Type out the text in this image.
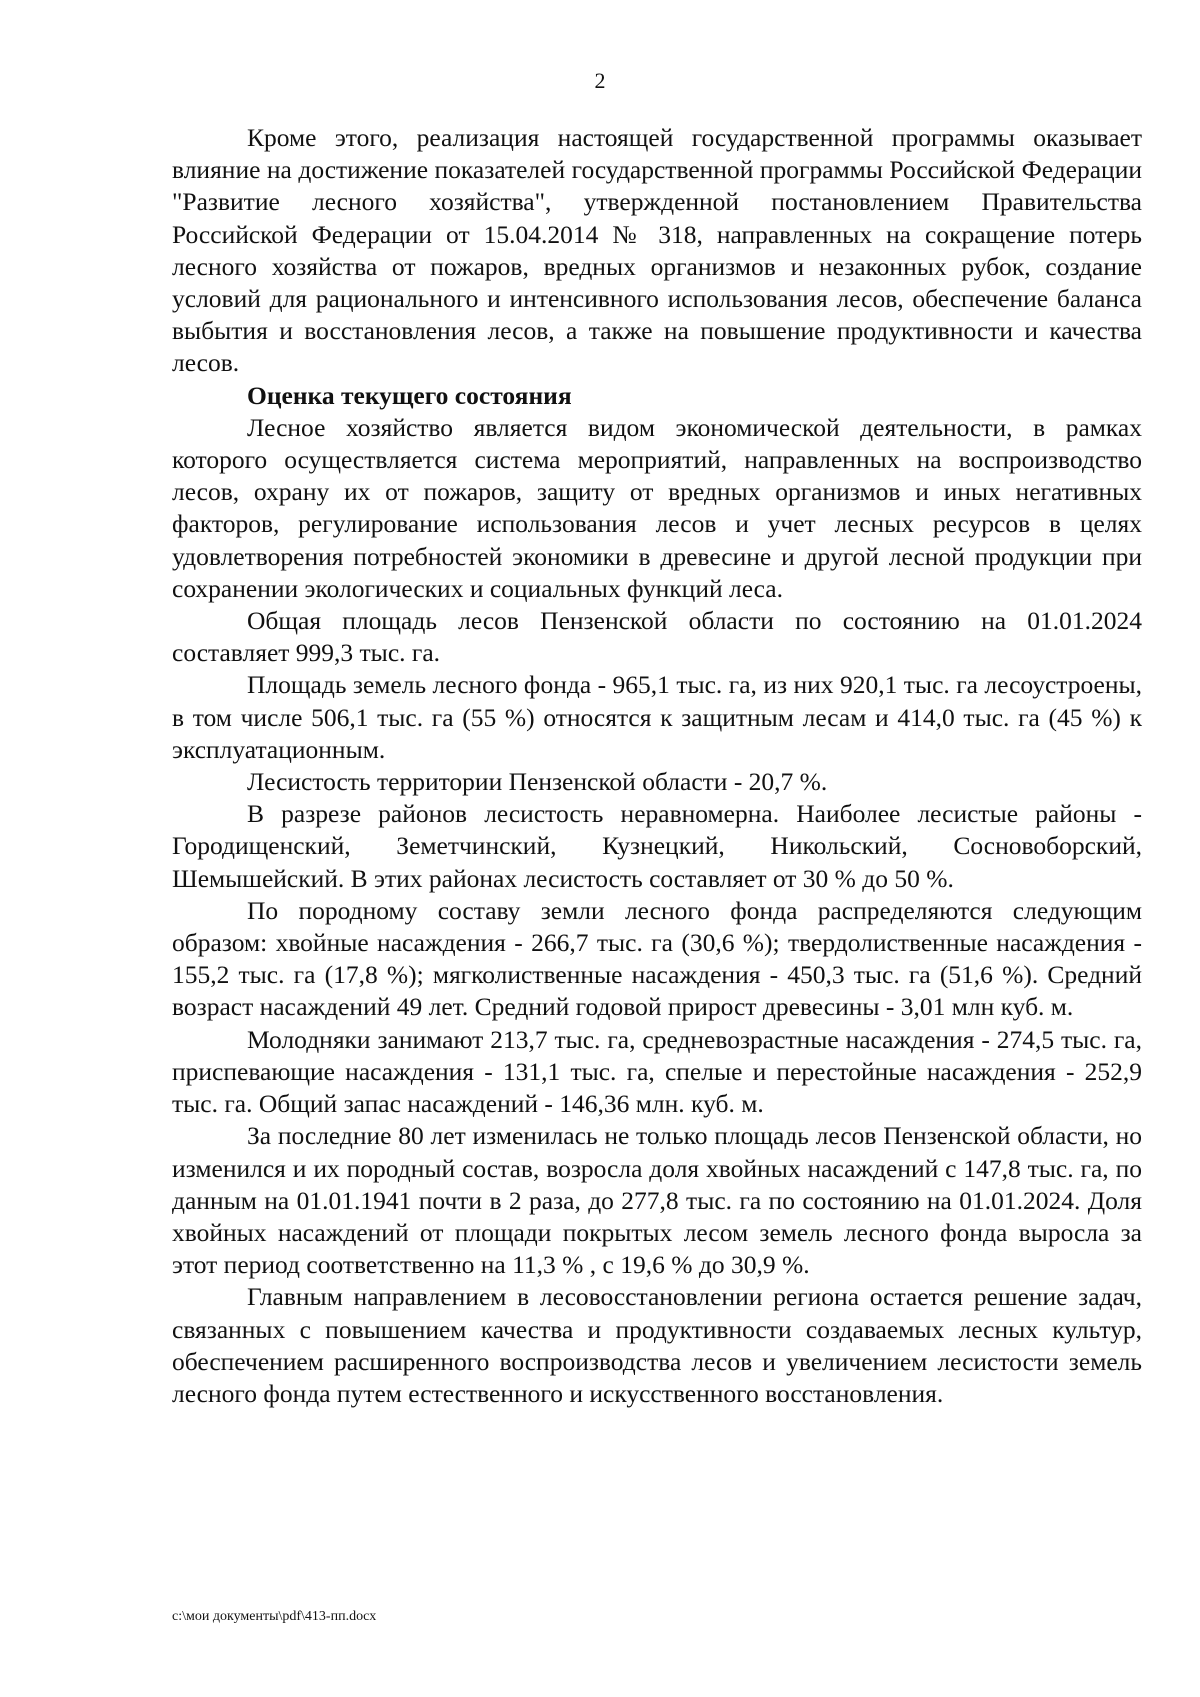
2

Кроме этого, реализация настоящей государственной программы оказывает влияние на достижение показателей государственной программы Российской Федерации "Развитие лесного хозяйства", утвержденной постановлением Правительства Российской Федерации от 15.04.2014 № 318, направленных на сокращение потерь лесного хозяйства от пожаров, вредных организмов и незаконных рубок, создание условий для рационального и интенсивного использования лесов, обеспечение баланса выбытия и восстановления лесов, а также на повышение продуктивности и качества лесов.

Оценка текущего состояния

Лесное хозяйство является видом экономической деятельности, в рамках которого осуществляется система мероприятий, направленных на воспроизводство лесов, охрану их от пожаров, защиту от вредных организмов и иных негативных факторов, регулирование использования лесов и учет лесных ресурсов в целях удовлетворения потребностей экономики в древесине и другой лесной продукции при сохранении экологических и социальных функций леса.

Общая площадь лесов Пензенской области по состоянию на 01.01.2024 составляет 999,3 тыс. га.

Площадь земель лесного фонда - 965,1 тыс. га, из них 920,1 тыс. га лесоустроены, в том числе 506,1 тыс. га (55 %) относятся к защитным лесам и 414,0 тыс. га (45 %) к эксплуатационным.

Лесистость территории Пензенской области - 20,7 %.

В разрезе районов лесистость неравномерна. Наиболее лесистые районы - Городищенский, Земетчинский, Кузнецкий, Никольский, Сосновоборский, Шемышейский. В этих районах лесистость составляет от 30 % до 50 %.

По породному составу земли лесного фонда распределяются следующим образом: хвойные насаждения - 266,7 тыс. га (30,6 %); твердолиственные насаждения - 155,2 тыс. га (17,8 %); мягколиственные насаждения - 450,3 тыс. га (51,6 %). Средний возраст насаждений 49 лет. Средний годовой прирост древесины - 3,01 млн куб. м.

Молодняки занимают 213,7 тыс. га, средневозрастные насаждения - 274,5 тыс. га, приспевающие насаждения - 131,1 тыс. га, спелые и перестойные насаждения - 252,9 тыс. га. Общий запас насаждений - 146,36 млн. куб. м.

За последние 80 лет изменилась не только площадь лесов Пензенской области, но изменился и их породный состав, возросла доля хвойных насаждений с 147,8 тыс. га, по данным на 01.01.1941 почти в 2 раза, до 277,8 тыс. га по состоянию на 01.01.2024. Доля хвойных насаждений от площади покрытых лесом земель лесного фонда выросла за этот период соответственно на 11,3 % , с 19,6 % до 30,9 %.

Главным направлением в лесовосстановлении региона остается решение задач, связанных с повышением качества и продуктивности создаваемых лесных культур, обеспечением расширенного воспроизводства лесов и увеличением лесистости земель лесного фонда путем естественного и искусственного восстановления.

c:\мои документы\pdf\413-пп.docx
